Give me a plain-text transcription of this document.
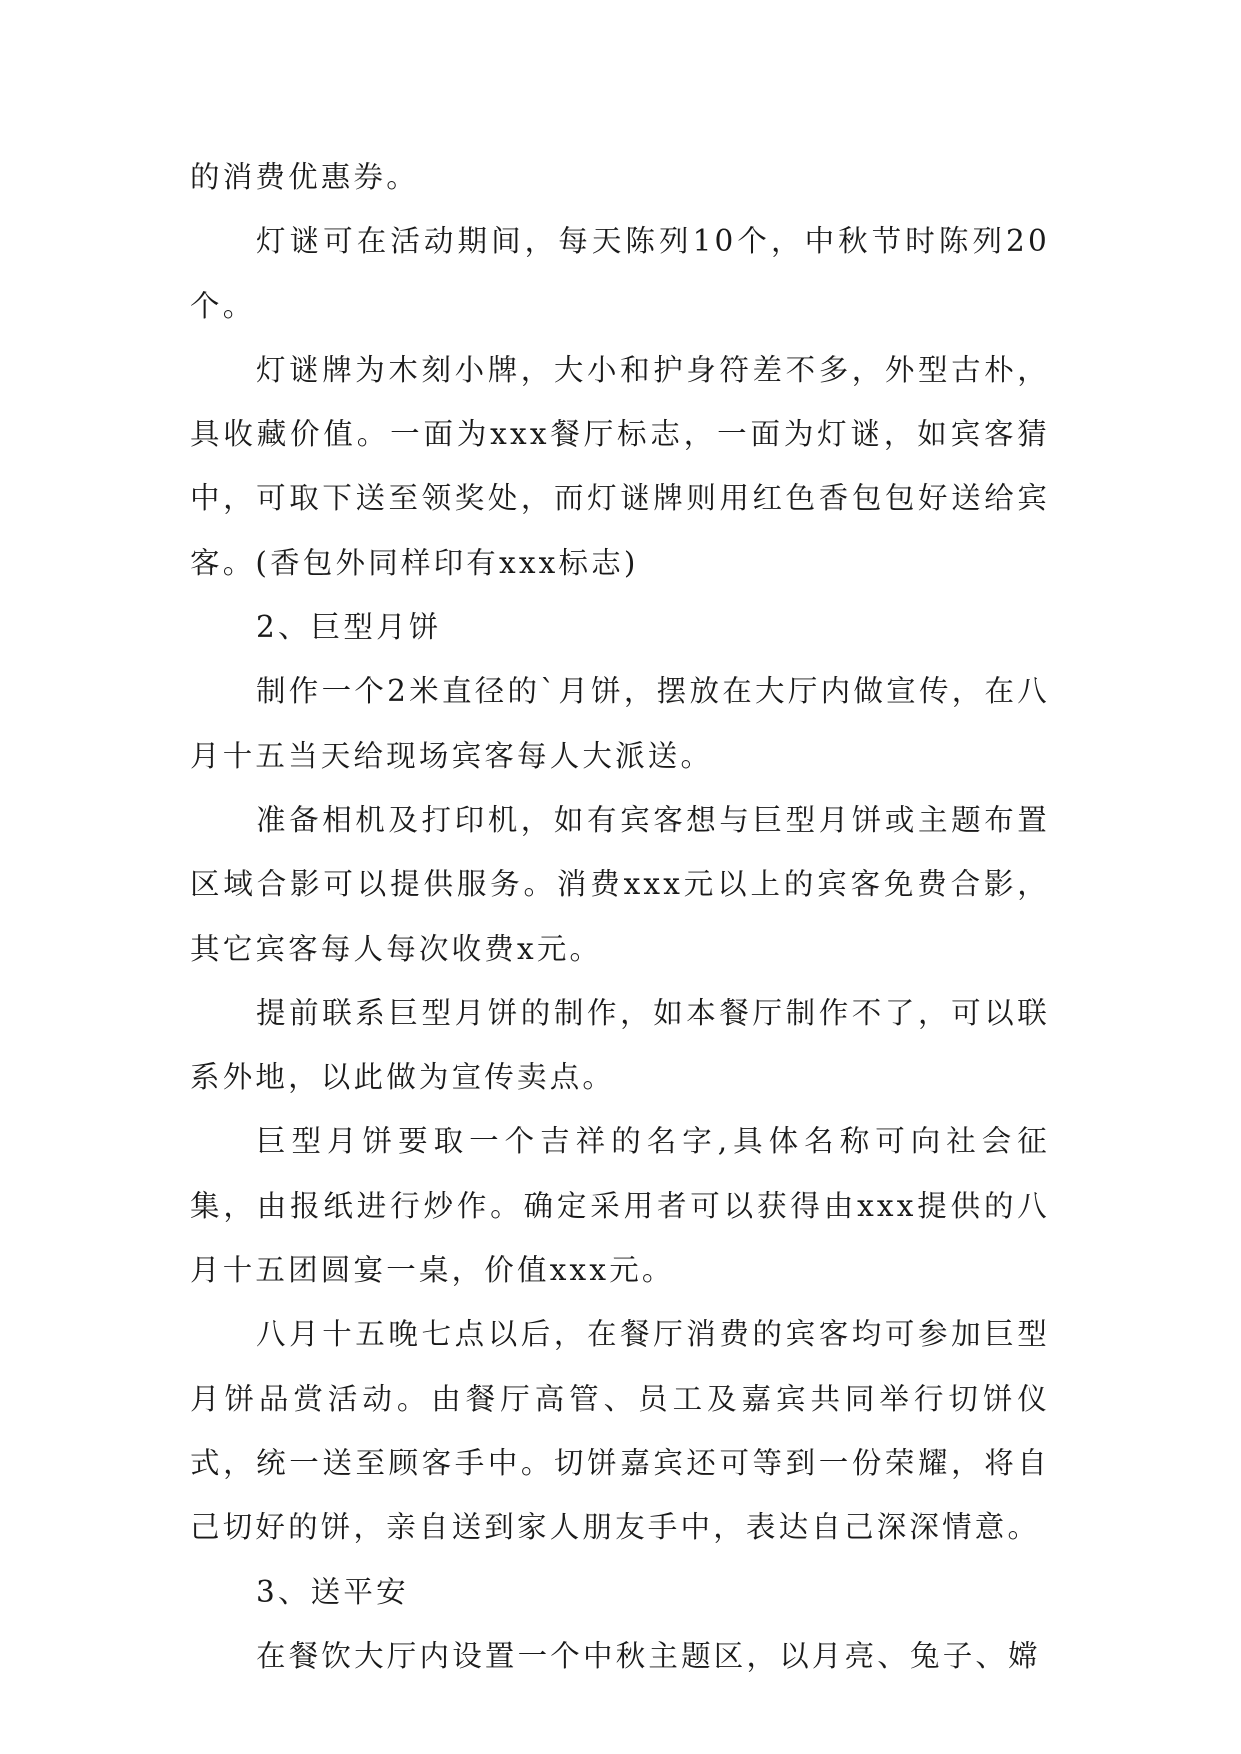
的消费优惠券。

灯谜可在活动期间，每天陈列10个，中秋节时陈列20个。

灯谜牌为木刻小牌，大小和护身符差不多，外型古朴，具收藏价值。一面为xxx餐厅标志，一面为灯谜，如宾客猜中，可取下送至领奖处，而灯谜牌则用红色香包包好送给宾客。(香包外同样印有xxx标志)

2、巨型月饼

制作一个2米直径的`月饼，摆放在大厅内做宣传，在八月十五当天给现场宾客每人大派送。

准备相机及打印机，如有宾客想与巨型月饼或主题布置区域合影可以提供服务。消费xxx元以上的宾客免费合影，其它宾客每人每次收费x元。

提前联系巨型月饼的制作，如本餐厅制作不了，可以联系外地，以此做为宣传卖点。

巨型月饼要取一个吉祥的名字,具体名称可向社会征集，由报纸进行炒作。确定采用者可以获得由xxx提供的八月十五团圆宴一桌，价值xxx元。

八月十五晚七点以后，在餐厅消费的宾客均可参加巨型月饼品赏活动。由餐厅高管、员工及嘉宾共同举行切饼仪式，统一送至顾客手中。切饼嘉宾还可等到一份荣耀，将自己切好的饼，亲自送到家人朋友手中，表达自己深深情意。

3、送平安

在餐饮大厅内设置一个中秋主题区，以月亮、兔子、嫦
